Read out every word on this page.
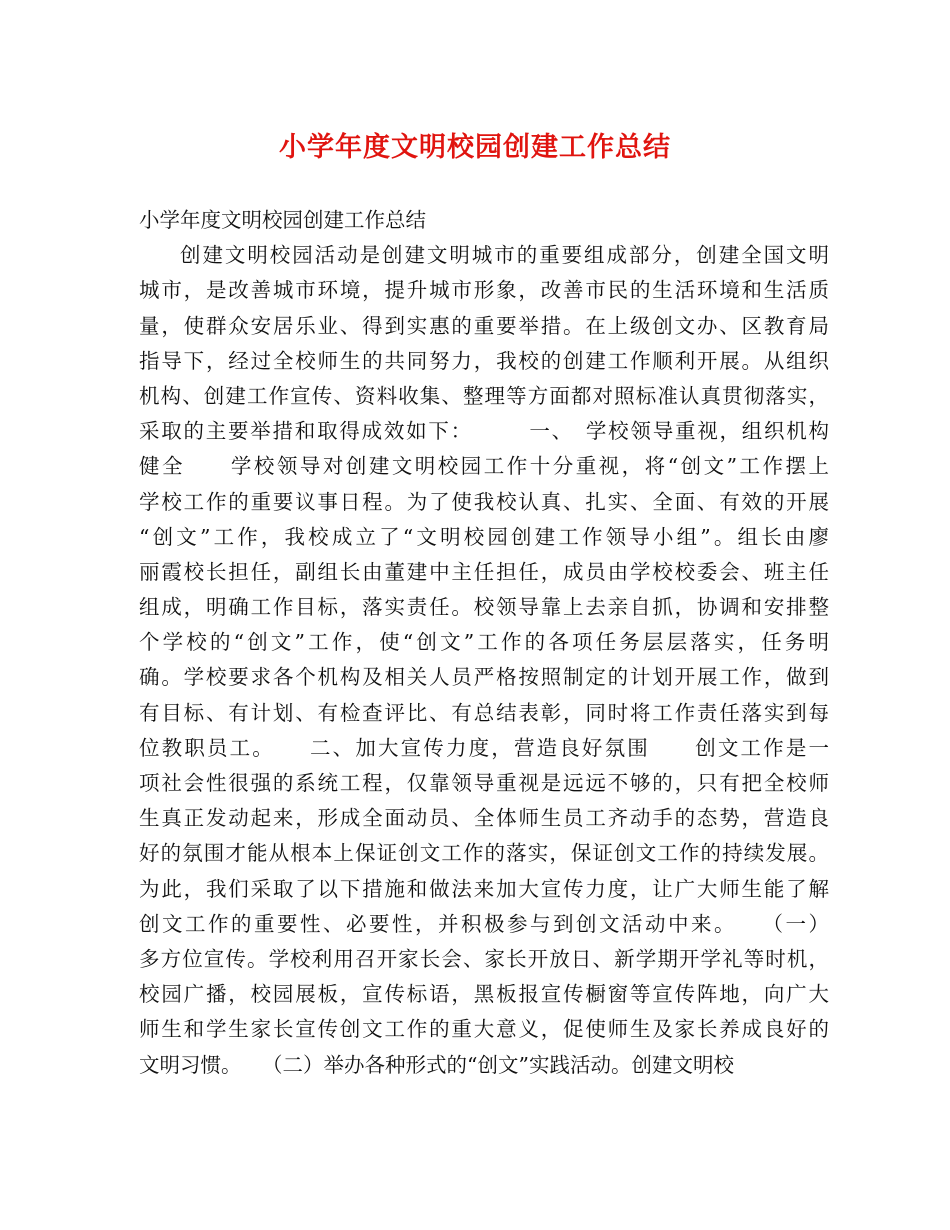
小学年度文明校园创建工作总结
小学年度文明校园创建工作总结
创建文明校园活动是创建文明城市的重要组成部分，创建全国文明
城市，是改善城市环境，提升城市形象，改善市民的生活环境和生活质
量，使群众安居乐业、得到实惠的重要举措。在上级创文办、区教育局
指导下，经过全校师生的共同努力，我校的创建工作顺利开展。从组织
机构、创建工作宣传、资料收集、整理等方面都对照标准认真贯彻落实，
采取的主要举措和取得成效如下：　　　一、　学校领导重视，组织机构
健全　　学校领导对创建文明校园工作十分重视，将“创文”工作摆上
学校工作的重要议事日程。为了使我校认真、扎实、全面、有效的开展
“创文”工作，我校成立了“文明校园创建工作领导小组”。组长由廖
丽霞校长担任，副组长由董建中主任担任，成员由学校校委会、班主任
组成，明确工作目标，落实责任。校领导靠上去亲自抓，协调和安排整
个学校的“创文”工作，使“创文”工作的各项任务层层落实，任务明
确。学校要求各个机构及相关人员严格按照制定的计划开展工作，做到
有目标、有计划、有检查评比、有总结表彰，同时将工作责任落实到每
位教职员工。　　二、加大宣传力度，营造良好氛围　　创文工作是一
项社会性很强的系统工程，仅靠领导重视是远远不够的，只有把全校师
生真正发动起来，形成全面动员、全体师生员工齐动手的态势，营造良
好的氛围才能从根本上保证创文工作的落实，保证创文工作的持续发展。
为此，我们采取了以下措施和做法来加大宣传力度，让广大师生能了解
创文工作的重要性、必要性，并积极参与到创文活动中来。　　（一）
多方位宣传。学校利用召开家长会、家长开放日、新学期开学礼等时机，
校园广播，校园展板，宣传标语，黑板报宣传橱窗等宣传阵地，向广大
师生和学生家长宣传创文工作的重大意义，促使师生及家长养成良好的
文明习惯。　　（二）举办各种形式的“创文”实践活动。创建文明校
